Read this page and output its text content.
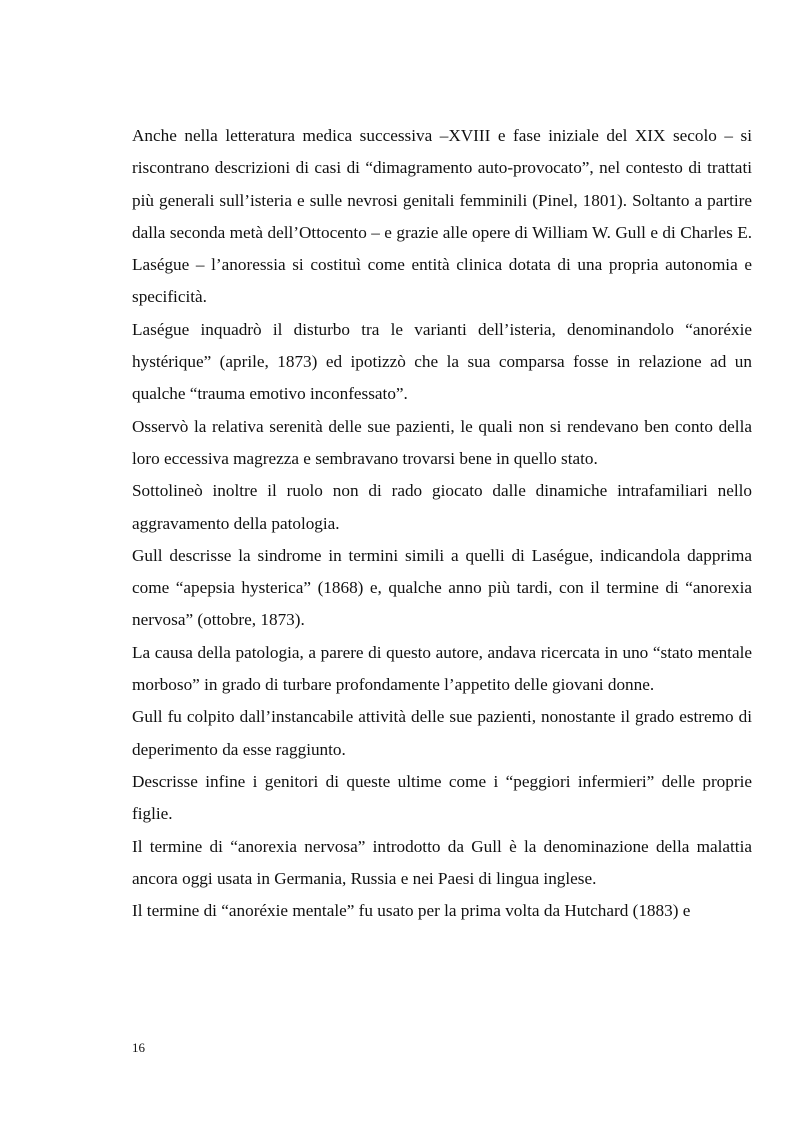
Anche nella letteratura medica successiva –XVIII e fase iniziale del XIX secolo – si riscontrano descrizioni di casi di “dimagramento auto-provocato”, nel contesto di trattati più generali sull’isteria e sulle nevrosi genitali femminili (Pinel, 1801). Soltanto a partire dalla seconda metà dell’Ottocento – e grazie alle opere di William W. Gull e di Charles E. Laségue – l’anoressia si costituì come entità clinica dotata di una propria autonomia e specificità.

Laségue inquadrò il disturbo tra le varianti dell’isteria, denominandolo “anoréxie hystérique” (aprile, 1873) ed ipotizzò che la sua comparsa fosse in relazione ad un qualche “trauma emotivo inconfessato”.

Osservò la relativa serenità delle sue pazienti, le quali non si rendevano ben conto della loro eccessiva magrezza e sembravano trovarsi bene in quello stato.

Sottolineò inoltre il ruolo non di rado giocato dalle dinamiche intrafamiliari nello aggravamento della patologia.

Gull descrisse la sindrome in termini simili a quelli di Laségue, indicandola dapprima come “apepsia hysterica” (1868) e, qualche anno più tardi, con il termine di “anorexia nervosa” (ottobre, 1873).

La causa della patologia, a parere di questo autore, andava ricercata in uno “stato mentale morboso” in grado di turbare profondamente l’appetito delle giovani donne.

Gull fu colpito dall’instancabile attività delle sue pazienti, nonostante il grado estremo di deperimento da esse raggiunto.

Descrisse infine i genitori di queste ultime come i “peggiori infermieri” delle proprie figlie.

Il termine di “anorexia nervosa” introdotto da Gull è la denominazione della malattia ancora oggi usata in Germania, Russia e nei Paesi di lingua inglese.

Il termine di “anoréxie mentale” fu usato per la prima volta da Hutchard (1883) e

16
